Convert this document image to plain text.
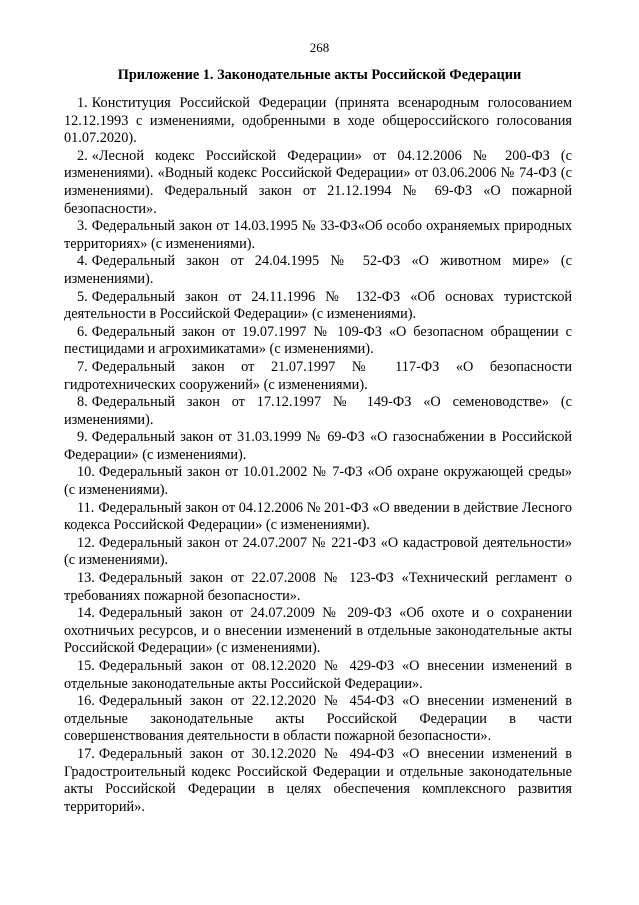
268
Приложение 1. Законодательные акты Российской Федерации
1. Конституция Российской Федерации (принята всенародным голосованием 12.12.1993 с изменениями, одобренными в ходе общероссийского голосования 01.07.2020).
2. «Лесной кодекс Российской Федерации» от 04.12.2006 № 200-ФЗ (с изменениями). «Водный кодекс Российской Федерации» от 03.06.2006 № 74-ФЗ (с изменениями). Федеральный закон от 21.12.1994 № 69-ФЗ «О пожарной безопасности».
3. Федеральный закон от 14.03.1995 № 33-ФЗ«Об особо охраняемых природных территориях» (с изменениями).
4. Федеральный закон от 24.04.1995 № 52-ФЗ «О животном мире» (с изменениями).
5. Федеральный закон от 24.11.1996 № 132-ФЗ «Об основах туристской деятельности в Российской Федерации» (с изменениями).
6. Федеральный закон от 19.07.1997 № 109-ФЗ «О безопасном обращении с пестицидами и агрохимикатами» (с изменениями).
7. Федеральный закон от 21.07.1997 № 117-ФЗ «О безопасности гидротехнических сооружений» (с изменениями).
8. Федеральный закон от 17.12.1997 № 149-ФЗ «О семеноводстве» (с изменениями).
9. Федеральный закон от 31.03.1999 № 69-ФЗ «О газоснабжении в Российской Федерации» (с изменениями).
10. Федеральный закон от 10.01.2002 № 7-ФЗ «Об охране окружающей среды» (с изменениями).
11. Федеральный закон от 04.12.2006 № 201-ФЗ «О введении в действие Лесного кодекса Российской Федерации» (с изменениями).
12. Федеральный закон от 24.07.2007 № 221-ФЗ «О кадастровой деятельности» (с изменениями).
13. Федеральный закон от 22.07.2008 № 123-ФЗ «Технический регламент о требованиях пожарной безопасности».
14. Федеральный закон от 24.07.2009 № 209-ФЗ «Об охоте и о сохранении охотничьих ресурсов, и о внесении изменений в отдельные законодательные акты Российской Федерации» (с изменениями).
15. Федеральный закон от 08.12.2020 № 429-ФЗ «О внесении изменений в отдельные законодательные акты Российской Федерации».
16. Федеральный закон от 22.12.2020 № 454-ФЗ «О внесении изменений в отдельные законодательные акты Российской Федерации в части совершенствования деятельности в области пожарной безопасности».
17. Федеральный закон от 30.12.2020 № 494-ФЗ «О внесении изменений в Градостроительный кодекс Российской Федерации и отдельные законодательные акты Российской Федерации в целях обеспечения комплексного развития территорий».
